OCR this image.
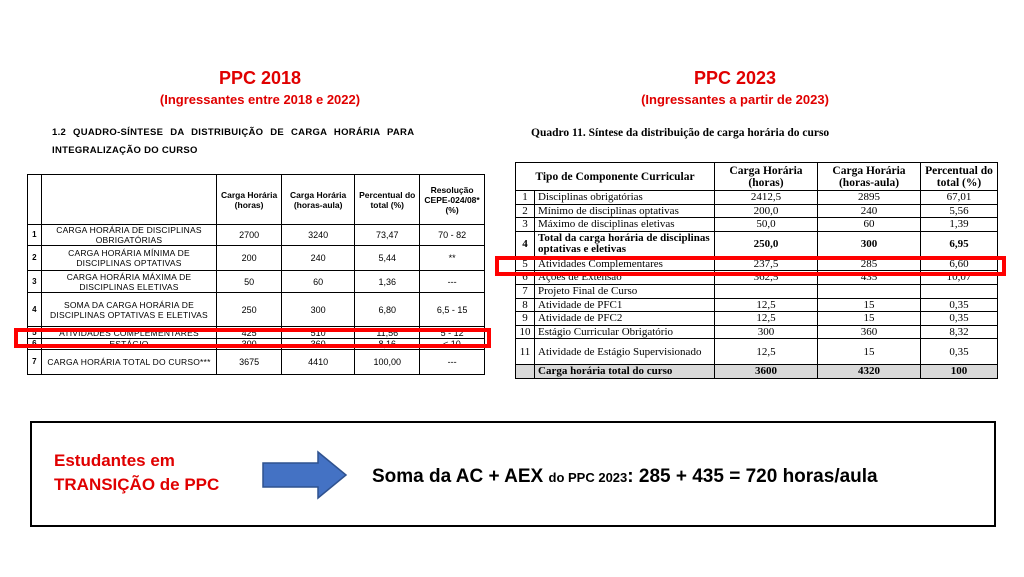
PPC 2018
(Ingressantes entre 2018 e 2022)
1.2 QUADRO-SÍNTESE DA DISTRIBUIÇÃO DE CARGA HORÁRIA PARA
INTEGRALIZAÇÃO DO CURSO
		Carga Horária (horas)	Carga Horária (horas-aula)	Percentual do total (%)	Resolução CEPE-024/08* (%)
1	CARGA HORÁRIA DE DISCIPLINAS OBRIGATÓRIAS	2700	3240	73,47	70 - 82
2	CARGA HORÁRIA MÍNIMA DE DISCIPLINAS OPTATIVAS	200	240	5,44	**
3	CARGA HORÁRIA MÁXIMA DE DISCIPLINAS ELETIVAS	50	60	1,36	---
4	SOMA DA CARGA HORÁRIA DE DISCIPLINAS OPTATIVAS E ELETIVAS	250	300	6,80	6,5 - 15
5	ATIVIDADES COMPLEMENTARES	425	510	11,56	5 - 12
6	ESTÁGIO	300	360	8,16	≤ 10
7	CARGA HORÁRIA TOTAL DO CURSO***	3675	4410	100,00	---
PPC 2023
(Ingressantes a partir de 2023)
Quadro 11. Síntese da distribuição de carga horária do curso
Tipo de Componente Curricular		Carga Horária (horas)	Carga Horária (horas-aula)	Percentual do total (%)
1	Disciplinas obrigatórias	2412,5	2895	67,01
2	Mínimo de disciplinas optativas	200,0	240	5,56
3	Máximo de disciplinas eletivas	50,0	60	1,39
4	Total da carga horária de disciplinas optativas e eletivas	250,0	300	6,95
5	Atividades Complementares	237,5	285	6,60
6	Ações de Extensão	362,5	435	10,07
7	Projeto Final de Curso			
8	Atividade de PFC1	12,5	15	0,35
9	Atividade de PFC2	12,5	15	0,35
10	Estágio Curricular Obrigatório	300	360	8,32
11	Atividade de Estágio Supervisionado	12,5	15	0,35
	Carga horária total do curso	3600	4320	100
Estudantes em
TRANSIÇÃO de PPC	Soma da AC + AEX do PPC 2023: 285 + 435 = 720 horas/aula
